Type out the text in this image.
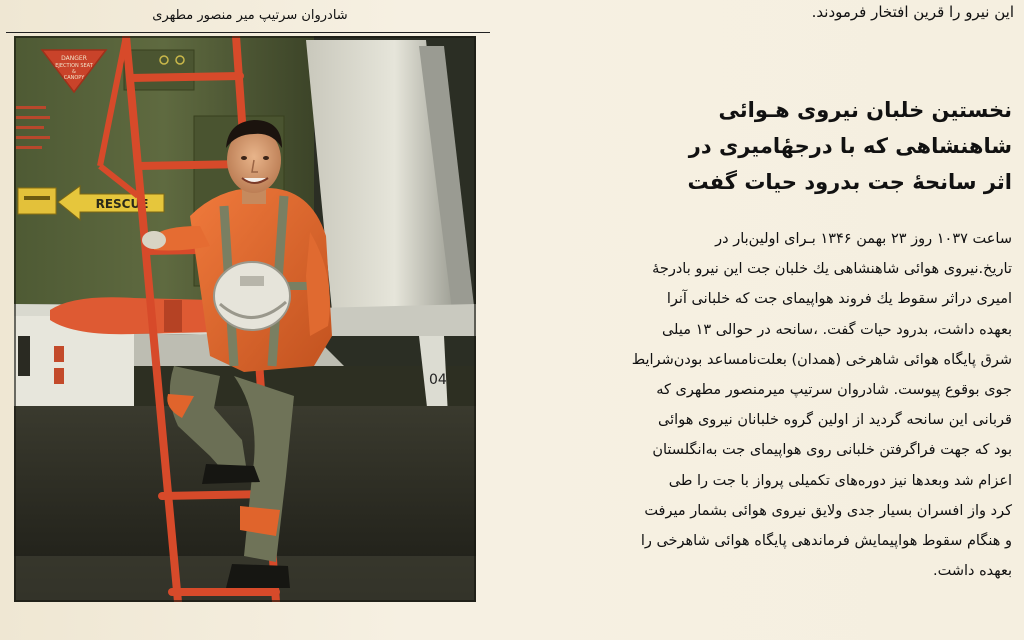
شادروان سرتیپ میر منصور مطهری
04
DANGER
EJECTION SEAT
&
CANOPY
RESCUE
این نیرو را قرین افتخار فرمودند.
نخستین خلبان نیروی هـوائی
شاهنشاهی که با درجهٔامیری در
اثر سانحهٔ جت بدرود حیات گفت
ساعت ۱۰۳۷ روز ۲۳ بهمن ۱۳۴۶ بـرای اولین‌بار در
تاریخ.نیروی هوائی شاهنشاهی یك خلبان جت این نیرو بادرجهٔ
امیری دراثر سقوط یك فروند هواپیمای جت که خلبانی آنرا
بعهده داشت، بدرود حیات گفت. ،سانحه در حوالی ۱۳ میلی
شرق پایگاه هوائی شاهرخی (همدان) بعلت‌نامساعد بودن‌شرایط
جوی بوقوع پیوست. شادروان سرتیپ میرمنصور مطهری که
قربانی این سانحه گردید از اولین گروه خلبانان نیروی هوائی
بود که جهت فراگرفتن خلبانی روی هواپیمای جت به‌انگلستان
اعزام شد وبعدها نیز دوره‌های تکمیلی پرواز با جت را طی
کرد واز افسران بسیار جدی ولایق نیروی هوائی بشمار میرفت
و هنگام سقوط هواپیمایش فرماندهی پایگاه هوائی شاهرخی را
بعهده داشت.
